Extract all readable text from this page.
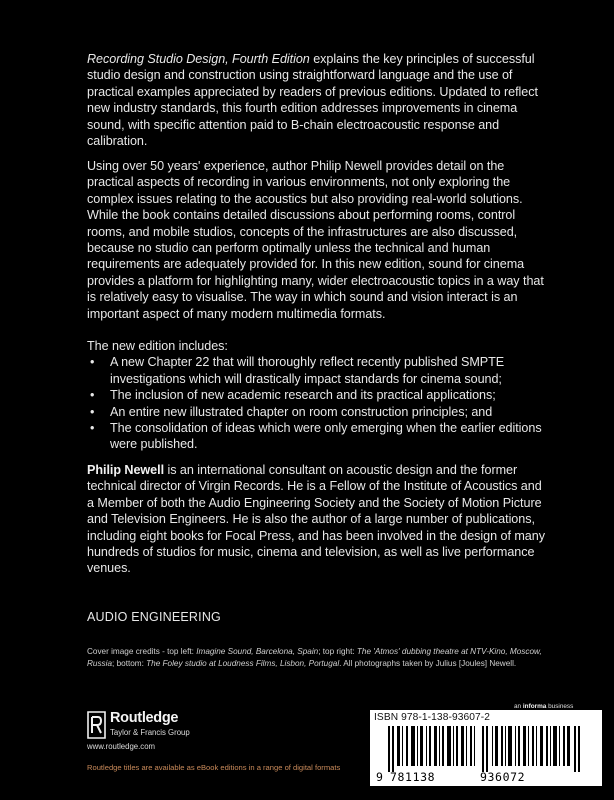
Recording Studio Design, Fourth Edition explains the key principles of successful studio design and construction using straightforward language and the use of practical examples appreciated by readers of previous editions. Updated to reflect new industry standards, this fourth edition addresses improvements in cinema sound, with specific attention paid to B-chain electroacoustic response and calibration.

Using over 50 years' experience, author Philip Newell provides detail on the practical aspects of recording in various environments, not only exploring the complex issues relating to the acoustics but also providing real-world solutions. While the book contains detailed discussions about performing rooms, control rooms, and mobile studios, concepts of the infrastructures are also discussed, because no studio can perform optimally unless the technical and human requirements are adequately provided for. In this new edition, sound for cinema provides a platform for highlighting many, wider electroacoustic topics in a way that is relatively easy to visualise. The way in which sound and vision interact is an important aspect of many modern multimedia formats.

The new edition includes:
• A new Chapter 22 that will thoroughly reflect recently published SMPTE investigations which will drastically impact standards for cinema sound;
• The inclusion of new academic research and its practical applications;
• An entire new illustrated chapter on room construction principles; and
• The consolidation of ideas which were only emerging when the earlier editions were published.

Philip Newell is an international consultant on acoustic design and the former technical director of Virgin Records. He is a Fellow of the Institute of Acoustics and a Member of both the Audio Engineering Society and the Society of Motion Picture and Television Engineers. He is also the author of a large number of publications, including eight books for Focal Press, and has been involved in the design of many hundreds of studios for music, cinema and television, as well as live performance venues.

AUDIO ENGINEERING
Cover image credits - top left: Imagine Sound, Barcelona, Spain; top right: The 'Atmos' dubbing theatre at NTV-Kino, Moscow, Russia; bottom: The Foley studio at Loudness Films, Lisbon, Portugal. All photographs taken by Julius [Joules] Newell.
an informa business
Routledge
Taylor & Francis Group
www.routledge.com
Routledge titles are available as eBook editions in a range of digital formats
ISBN 978-1-138-93607-2
9 781138	936072
